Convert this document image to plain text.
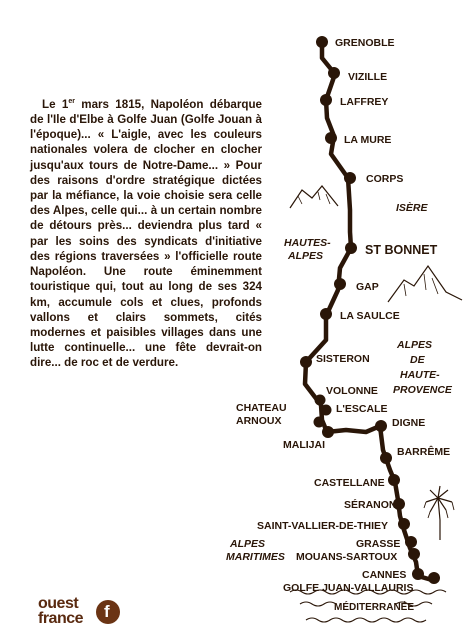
Le 1er mars 1815, Napoléon débarque de l'Ile d'Elbe à Golfe Juan (Golfe Jouan à l'époque)... « L'aigle, avec les couleurs nationales volera de clocher en clocher jusqu'aux tours de Notre-Dame... » Pour des raisons d'ordre stratégique dictées par la méfiance, la voie choisie sera celle des Alpes, celle qui... à un certain nombre de détours près... deviendra plus tard « par les soins des syndicats d'initiative des régions traversées » l'officielle route Napoléon. Une route éminemment touristique qui, tout au long de ses 324 km, accumule cols et clues, profonds vallons et clairs sommets, cités modernes et paisibles villages dans une lutte continuelle... une fête devrait-on dire... de roc et de verdure.

GRENOBLE
VIZILLE
LAFFREY
LA MURE
CORPS
ST BONNET
GAP
LA SAULCE
SISTERON
VOLONNE
L'ESCALE
CHATEAU
ARNOUX	DIGNE
MALIJAI
BARRÊME
CASTELLANE
SÉRANON
SAINT-VALLIER-DE-THIEY
GRASSE
MOUANS-SARTOUX
CANNES
GOLFE JUAN-VALLAURIS
ISÈRE
HAUTES-
ALPES
ALPES
DE
HAUTE-
PROVENCE
ALPES
MARITIMES
MÉDITERRANÉE
ouest
france f
